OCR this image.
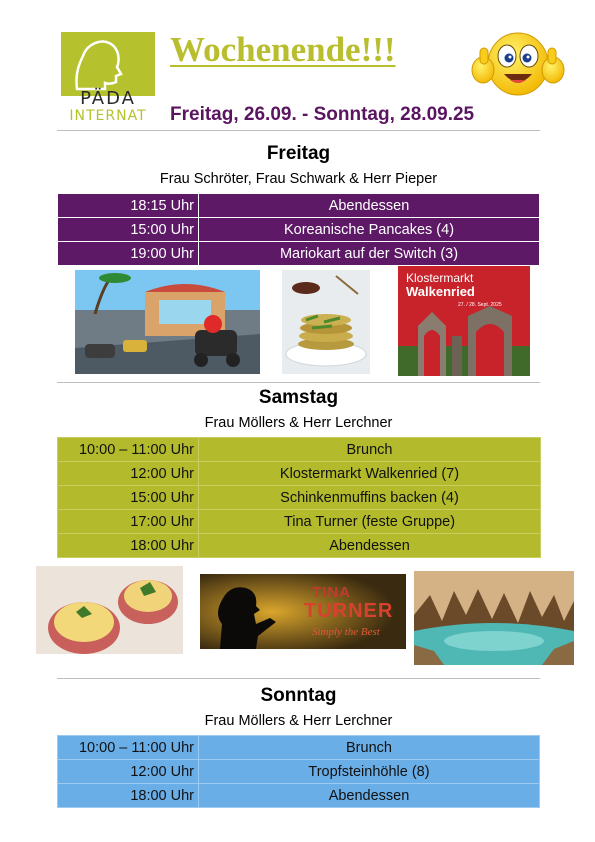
PÄDA
INTERNAT
Wochenende!!!
Freitag, 26.09. - Sonntag, 28.09.25
Freitag
Frau Schröter, Frau Schwark & Herr Pieper
18:15 Uhr	Abendessen
15:00 Uhr	Koreanische Pancakes (4)
19:00 Uhr	Mariokart auf der Switch (3)
Klostermarkt
Walkenried
27. / 28. Sept. 2025
Samstag
Frau Möllers & Herr Lerchner
10:00 – 11:00 Uhr	Brunch
12:00 Uhr	Klostermarkt Walkenried (7)
15:00 Uhr	Schinkenmuffins backen (4)
17:00 Uhr	Tina Turner (feste Gruppe)
18:00 Uhr	Abendessen
TINA
TURNER
Simply the Best
Sonntag
Frau Möllers & Herr Lerchner
10:00 – 11:00 Uhr	Brunch
12:00 Uhr	Tropfsteinhöhle (8)
18:00 Uhr	Abendessen
